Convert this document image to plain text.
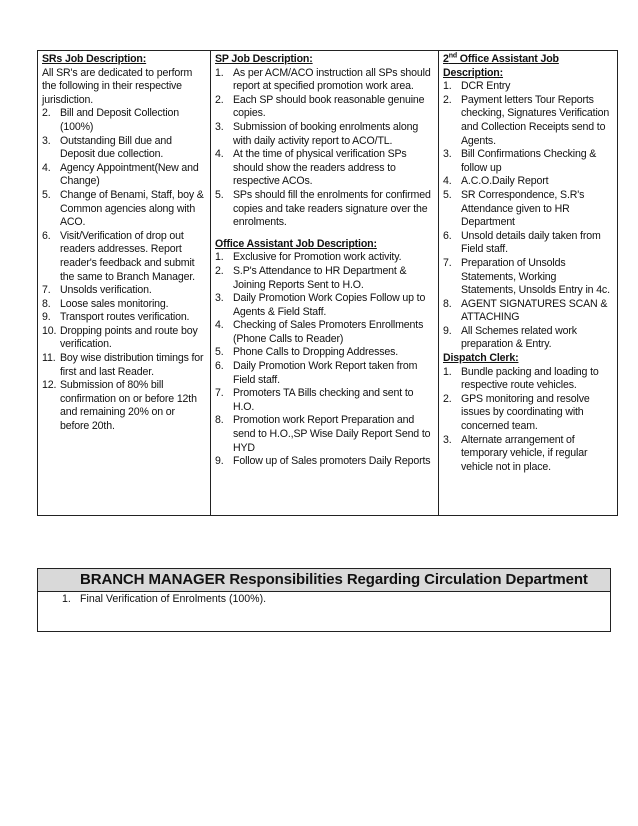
SRs Job Description:
All SR's are dedicated to perform the following in their respective jurisdiction.
2. Bill and Deposit Collection (100%)
3. Outstanding Bill due and Deposit due collection.
4. Agency Appointment(New and Change)
5. Change of Benami, Staff, boy & Common agencies along with ACO.
6. Visit/Verification of drop out readers addresses. Report reader's feedback and submit the same to Branch Manager.
7. Unsolds verification.
8. Loose sales monitoring.
9. Transport routes verification.
10. Dropping points and route boy verification.
11. Boy wise distribution timings for first and last Reader.
12. Submission of 80% bill confirmation on or before 12th and remaining 20% on or before 20th.

SP Job Description:
1. As per ACM/ACO instruction all SPs should report at specified promotion work area.
2. Each SP should book reasonable genuine copies.
3. Submission of booking enrolments along with daily activity report to ACO/TL.
4. At the time of physical verification SPs should show the readers address to respective ACOs.
5. SPs should fill the enrolments for confirmed copies and take readers signature over the enrolments.
Office Assistant Job Description:
1. Exclusive for Promotion work activity.
2. S.P's Attendance to HR Department & Joining Reports Sent to H.O.
3. Daily Promotion Work Copies Follow up to Agents & Field Staff.
4. Checking of Sales Promoters Enrollments (Phone Calls to Reader)
5. Phone Calls to Dropping Addresses.
6. Daily Promotion Work Report taken from Field staff.
7. Promoters TA Bills checking and sent to H.O.
8. Promotion work Report Preparation and send to H.O.,SP Wise Daily Report Send to HYD
9. Follow up of Sales promoters Daily Reports

2nd Office Assistant Job Description:
1. DCR Entry
2. Payment letters Tour Reports checking, Signatures Verification and Collection Receipts send to Agents.
3. Bill Confirmations Checking & follow up
4. A.C.O.Daily Report
5. SR Correspondence, S.R's Attendance given to HR Department
6. Unsold details daily taken from Field staff.
7. Preparation of Unsolds Statements, Working Statements, Unsolds Entry in 4c.
8. AGENT SIGNATURES SCAN & ATTACHING
9. All Schemes related work preparation & Entry.
Dispatch Clerk:
1. Bundle packing and loading to respective route vehicles.
2. GPS monitoring and resolve issues by coordinating with concerned team.
3. Alternate arrangement of temporary vehicle, if regular vehicle not in place.
BRANCH MANAGER Responsibilities Regarding Circulation Department
1. Final Verification of Enrolments (100%).
